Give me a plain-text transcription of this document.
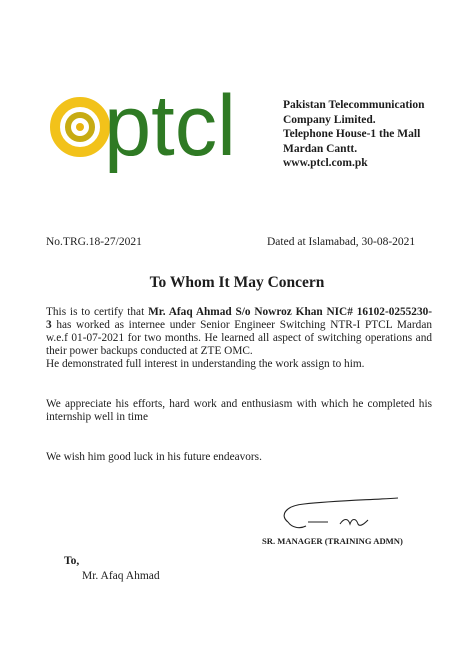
ptcl	Pakistan Telecommunication
Company Limited.
Telephone House-1 the Mall
Mardan Cantt.
www.ptcl.com.pk
No.TRG.18-27/2021	Dated at Islamabad, 30-08-2021
To Whom It May Concern
This is to certify that Mr. Afaq Ahmad S/o Nowroz Khan NIC# 16102-0255230-
3 has worked as internee under Senior Engineer Switching NTR-I PTCL Mardan
w.e.f 01-07-2021 for two months. He learned all aspect of switching operations and
their power backups conducted at ZTE OMC.
He demonstrated full interest in understanding the work assign to him.
We appreciate his efforts, hard work and enthusiasm with which he completed his
internship well in time
We wish him good luck in his future endeavors.
SR. MANAGER (TRAINING ADMN)
To,
Mr. Afaq Ahmad
